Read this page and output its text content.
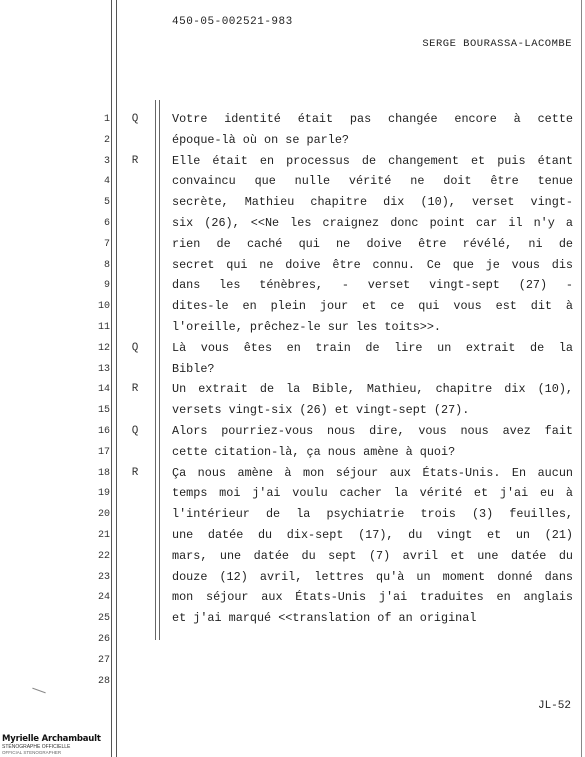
450-05-002521-983
SERGE BOURASSA-LACOMBE
1
2
3
4
5
6
7
8
9
10
11
12
13
14
15
16
17
18
19
20
21
22
23
24
25
26
27
28
Q	Votre identité était pas changée encore à cette
époque-là où on se parle?
R	Elle était en processus de changement et puis étant
convaincu que nulle vérité ne doit être tenue
secrète, Mathieu chapitre dix (10), verset vingt-
six (26), <<Ne les craignez donc point car il n'y a
rien de caché qui ne doive être révélé, ni de
secret qui ne doive être connu. Ce que je vous dis
dans les ténèbres, - verset vingt-sept (27) -
dites-le en plein jour et ce qui vous est dit à
l'oreille, prêchez-le sur les toits>>.
Q	Là vous êtes en train de lire un extrait de la
Bible?
R	Un extrait de la Bible, Mathieu, chapitre dix (10),
versets vingt-six (26) et vingt-sept (27).
Q	Alors pourriez-vous nous dire, vous nous avez fait
cette citation-là, ça nous amène à quoi?
R	Ça nous amène à mon séjour aux États-Unis. En aucun
temps moi j'ai voulu cacher la vérité et j'ai eu à
l'intérieur de la psychiatrie trois (3) feuilles,
une datée du dix-sept (17), du vingt et un (21)
mars, une datée du sept (7) avril et une datée du
douze (12) avril, lettres qu'à un moment donné dans
mon séjour aux États-Unis j'ai traduites en anglais
et j'ai marqué <<translation of an original
JL-52
Myrielle Archambault
STÉNOGRAPHE OFFICIELLE
OFFICIAL STENOGRAPHER
